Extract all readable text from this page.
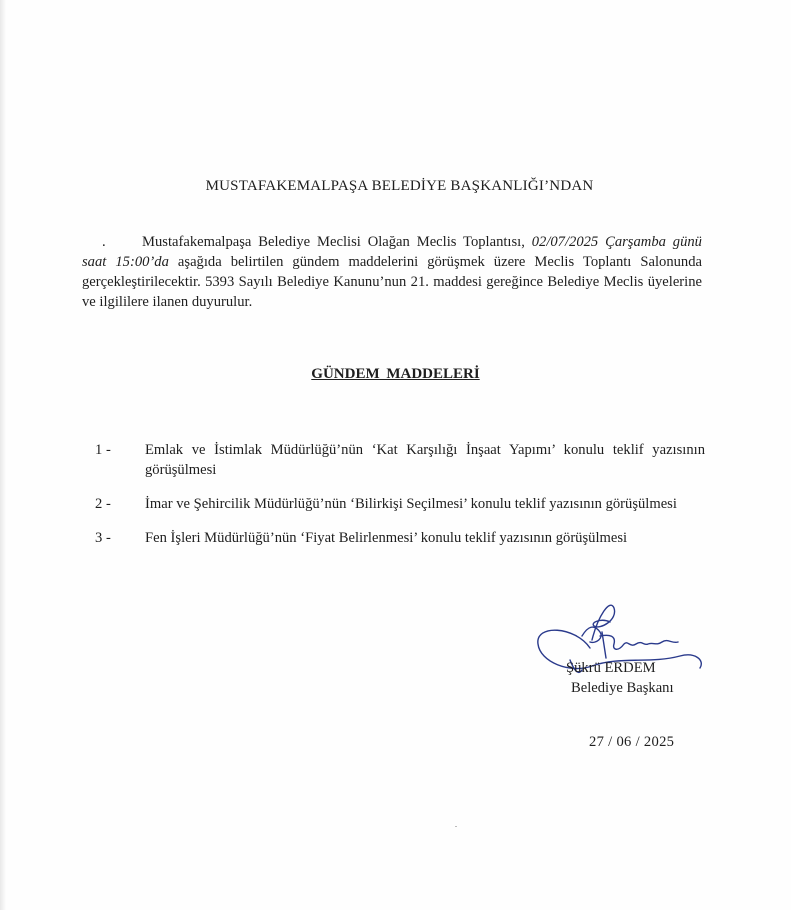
MUSTAFAKEMALPAŞA BELEDİYE BAŞKANLIĞI’NDAN
. Mustafakemalpaşa Belediye Meclisi Olağan Meclis Toplantısı, 02/07/2025 Çarşamba günü saat 15:00’da aşağıda belirtilen gündem maddelerini görüşmek üzere Meclis Toplantı Salonunda gerçekleştirilecektir. 5393 Sayılı Belediye Kanunu’nun 21. maddesi gereğince Belediye Meclis üyelerine ve ilgililere ilanen duyurulur.
GÜNDEM MADDELERİ
1 -	Emlak ve İstimlak Müdürlüğü’nün ‘Kat Karşılığı İnşaat Yapımı’ konulu teklif yazısının görüşülmesi
2 -	İmar ve Şehircilik Müdürlüğü’nün ‘Bilirkişi Seçilmesi’ konulu teklif yazısının görüşülmesi
3 -	Fen İşleri Müdürlüğü’nün ‘Fiyat Belirlenmesi’ konulu teklif yazısının görüşülmesi
Şükrü ERDEM
Belediye Başkanı
27 / 06 / 2025
